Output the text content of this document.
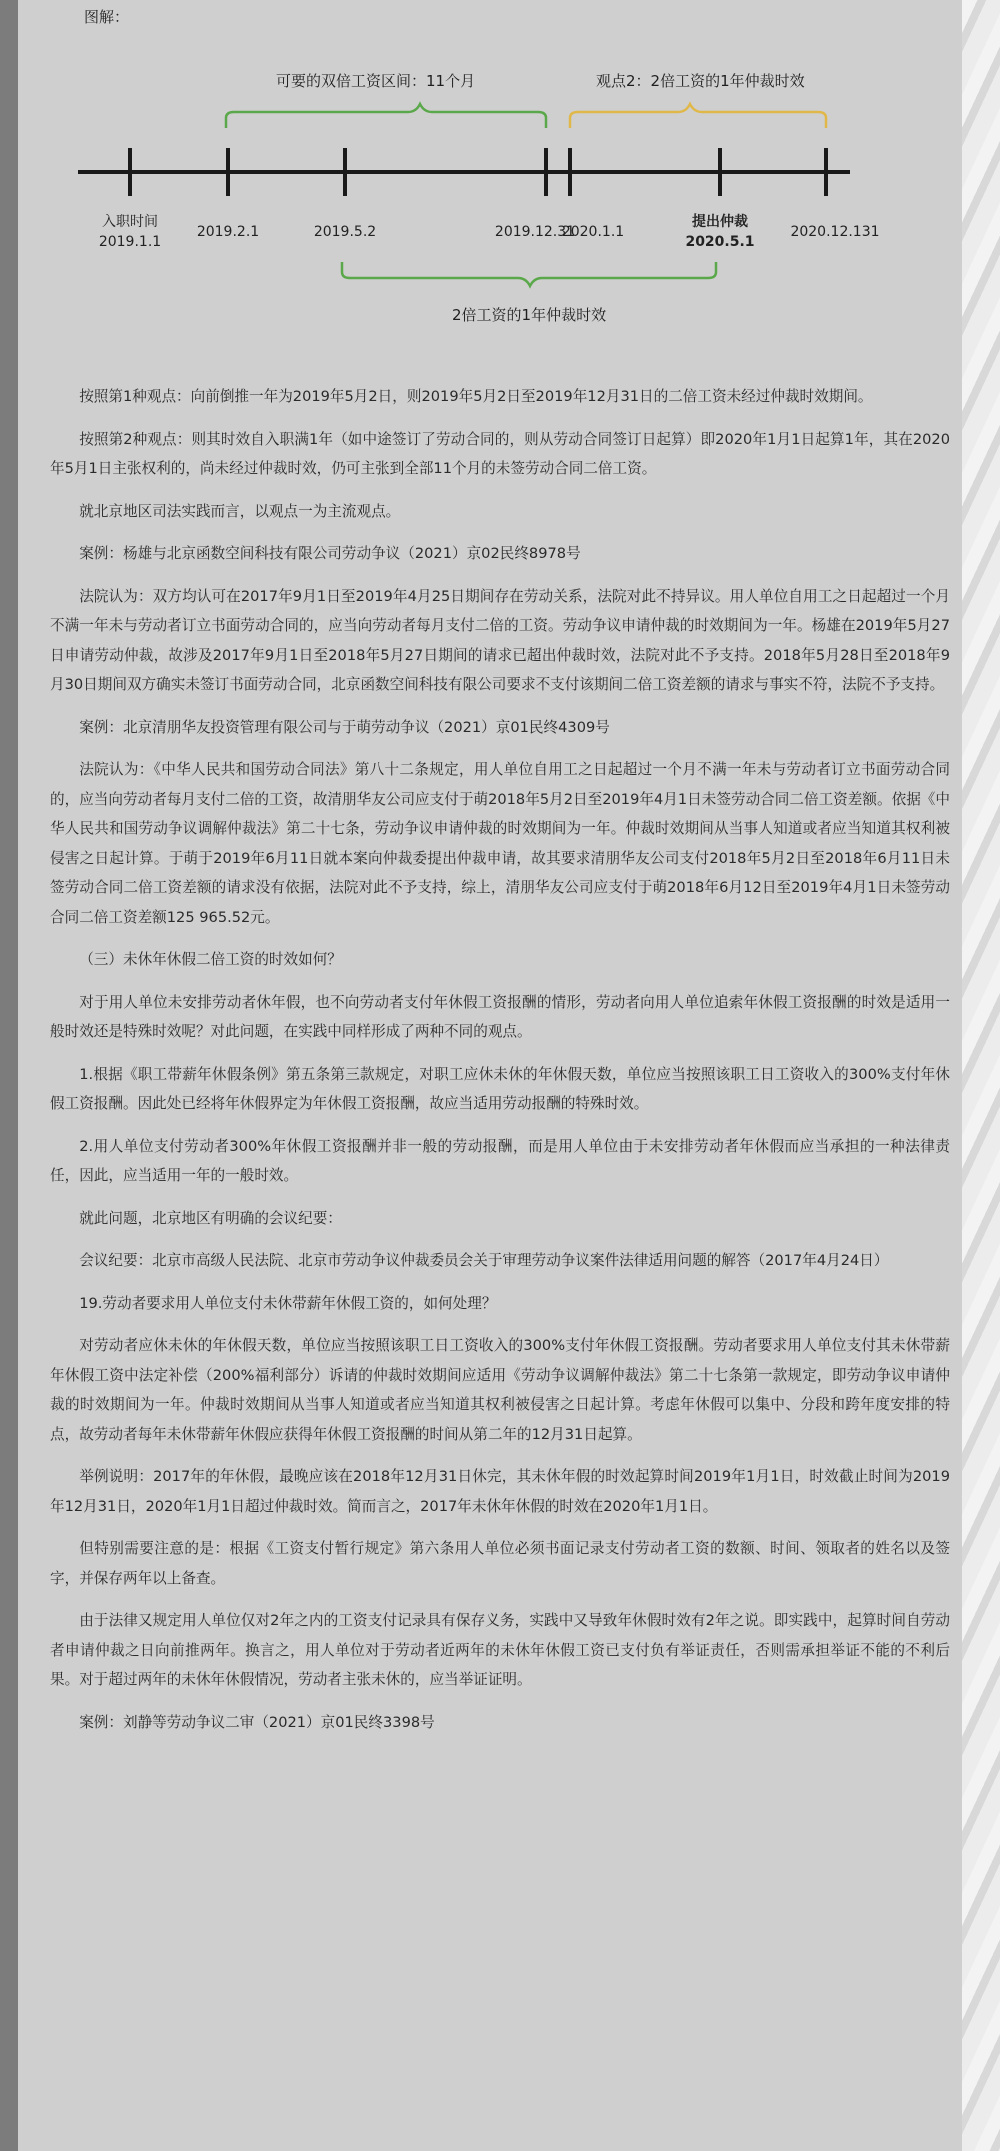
图解：
可要的双倍工资区间：11个月	观点2：2倍工资的1年仲裁时效
2倍工资的1年仲裁时效
入职时间
2019.1.1
2019.2.1	2019.5.2	2019.12.31
2020.1.1
提出仲裁
2020.5.1
2020.12.131

按照第1种观点：向前倒推一年为2019年5月2日，则2019年5月2日至2019年12月31日的二倍工资未经过仲裁时效期间。

按照第2种观点：则其时效自入职满1年（如中途签订了劳动合同的，则从劳动合同签订日起算）即2020年1月1日起算1年，其在2020年5月1日主张权利的，尚未经过仲裁时效，仍可主张到全部11个月的未签劳动合同二倍工资。

就北京地区司法实践而言，以观点一为主流观点。

案例：杨雄与北京函数空间科技有限公司劳动争议（2021）京02民终8978号

法院认为：双方均认可在2017年9月1日至2019年4月25日期间存在劳动关系，法院对此不持异议。用人单位自用工之日起超过一个月不满一年未与劳动者订立书面劳动合同的，应当向劳动者每月支付二倍的工资。劳动争议申请仲裁的时效期间为一年。杨雄在2019年5月27日申请劳动仲裁，故涉及2017年9月1日至2018年5月27日期间的请求已超出仲裁时效，法院对此不予支持。2018年5月28日至2018年9月30日期间双方确实未签订书面劳动合同，北京函数空间科技有限公司要求不支付该期间二倍工资差额的请求与事实不符，法院不予支持。

案例：北京清朋华友投资管理有限公司与于萌劳动争议（2021）京01民终4309号

法院认为：《中华人民共和国劳动合同法》第八十二条规定，用人单位自用工之日起超过一个月不满一年未与劳动者订立书面劳动合同的，应当向劳动者每月支付二倍的工资，故清朋华友公司应支付于萌2018年5月2日至2019年4月1日未签劳动合同二倍工资差额。依据《中华人民共和国劳动争议调解仲裁法》第二十七条，劳动争议申请仲裁的时效期间为一年。仲裁时效期间从当事人知道或者应当知道其权利被侵害之日起计算。于萌于2019年6月11日就本案向仲裁委提出仲裁申请，故其要求清朋华友公司支付2018年5月2日至2018年6月11日未签劳动合同二倍工资差额的请求没有依据，法院对此不予支持，综上，清朋华友公司应支付于萌2018年6月12日至2019年4月1日未签劳动合同二倍工资差额125 965.52元。

（三）未休年休假二倍工资的时效如何？

对于用人单位未安排劳动者休年假，也不向劳动者支付年休假工资报酬的情形，劳动者向用人单位追索年休假工资报酬的时效是适用一般时效还是特殊时效呢？对此问题，在实践中同样形成了两种不同的观点。

1.根据《职工带薪年休假条例》第五条第三款规定，对职工应休未休的年休假天数，单位应当按照该职工日工资收入的300%支付年休假工资报酬。因此处已经将年休假界定为年休假工资报酬，故应当适用劳动报酬的特殊时效。

2.用人单位支付劳动者300%年休假工资报酬并非一般的劳动报酬，而是用人单位由于未安排劳动者年休假而应当承担的一种法律责任，因此，应当适用一年的一般时效。

就此问题，北京地区有明确的会议纪要：

会议纪要：北京市高级人民法院、北京市劳动争议仲裁委员会关于审理劳动争议案件法律适用问题的解答（2017年4月24日）

19.劳动者要求用人单位支付未休带薪年休假工资的，如何处理？

对劳动者应休未休的年休假天数，单位应当按照该职工日工资收入的300%支付年休假工资报酬。劳动者要求用人单位支付其未休带薪年休假工资中法定补偿（200%福利部分）诉请的仲裁时效期间应适用《劳动争议调解仲裁法》第二十七条第一款规定，即劳动争议申请仲裁的时效期间为一年。仲裁时效期间从当事人知道或者应当知道其权利被侵害之日起计算。考虑年休假可以集中、分段和跨年度安排的特点，故劳动者每年未休带薪年休假应获得年休假工资报酬的时间从第二年的12月31日起算。

举例说明：2017年的年休假，最晚应该在2018年12月31日休完，其未休年假的时效起算时间2019年1月1日，时效截止时间为2019年12月31日，2020年1月1日超过仲裁时效。简而言之，2017年未休年休假的时效在2020年1月1日。

但特别需要注意的是：根据《工资支付暂行规定》第六条用人单位必须书面记录支付劳动者工资的数额、时间、领取者的姓名以及签字，并保存两年以上备查。

由于法律又规定用人单位仅对2年之内的工资支付记录具有保存义务，实践中又导致年休假时效有2年之说。即实践中，起算时间自劳动者申请仲裁之日向前推两年。换言之，用人单位对于劳动者近两年的未休年休假工资已支付负有举证责任，否则需承担举证不能的不利后果。对于超过两年的未休年休假情况，劳动者主张未休的，应当举证证明。

案例：刘静等劳动争议二审（2021）京01民终3398号
